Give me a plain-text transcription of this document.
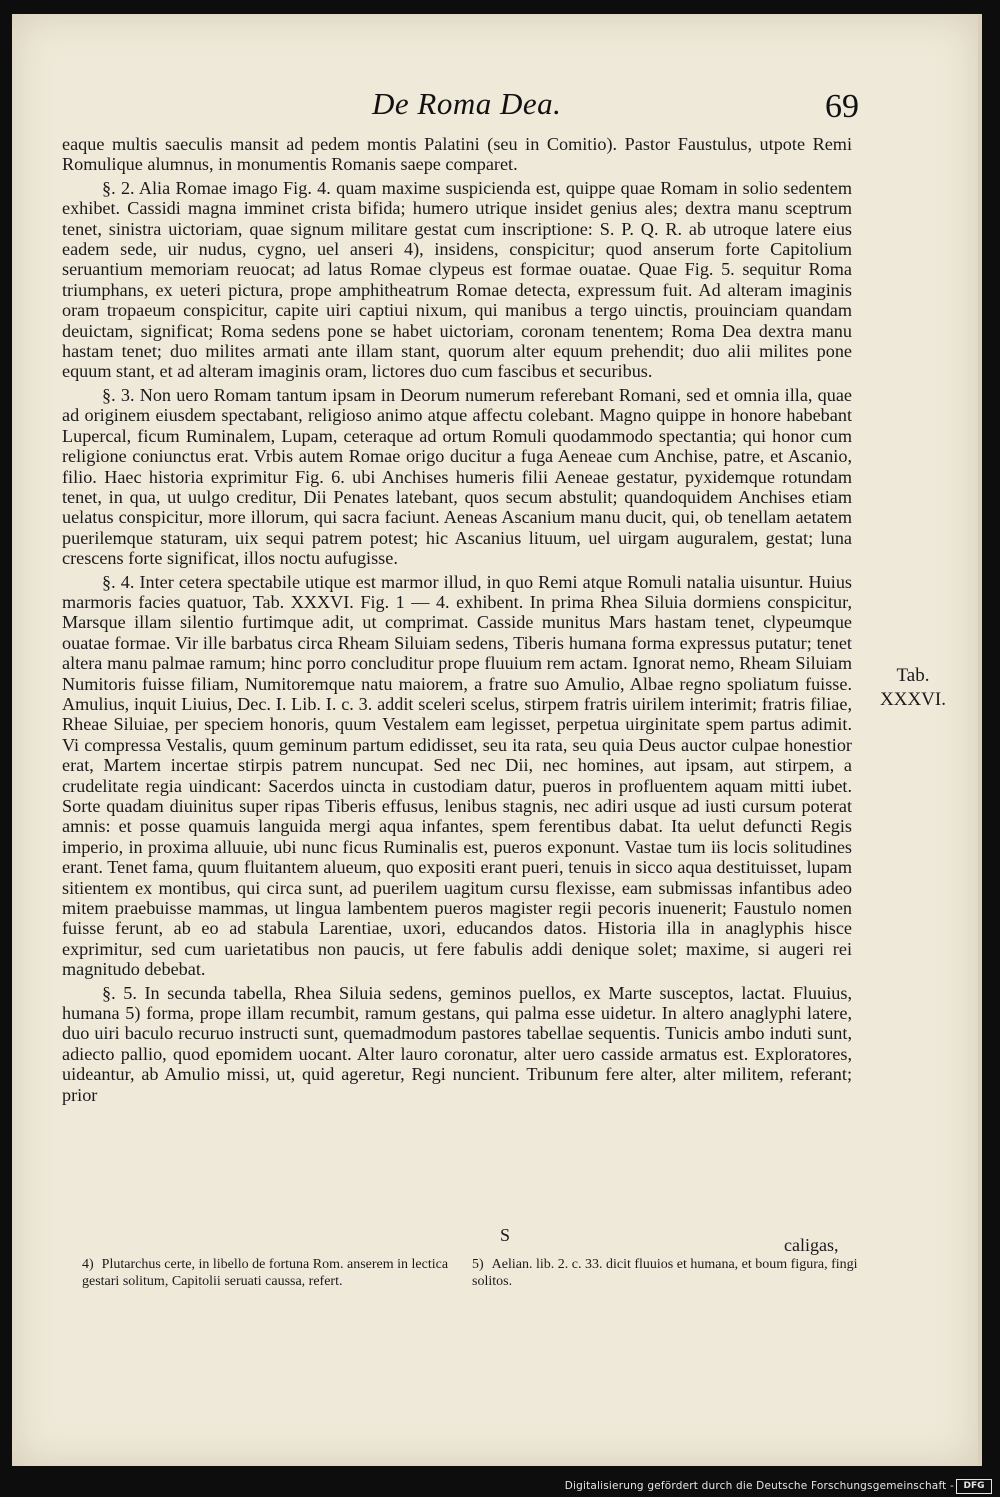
De Roma Dea.	69

eaque multis saeculis mansit ad pedem montis Palatini (seu in Comitio). Pastor Faustulus, utpote Remi Romulique alumnus, in monumentis Romanis saepe comparet.

§. 2. Alia Romae imago Fig. 4. quam maxime suspicienda est, quippe quae Romam in solio sedentem exhibet. Cassidi magna imminet crista bifida; humero utrique insidet genius ales; dextra manu sceptrum tenet, sinistra uictoriam, quae signum militare gestat cum inscriptione: S. P. Q. R. ab utroque latere eius eadem sede, uir nudus, cygno, uel anseri 4), insidens, conspicitur; quod anserum forte Capitolium seruantium memoriam reuocat; ad latus Romae clypeus est formae ouatae. Quae Fig. 5. sequitur Roma triumphans, ex ueteri pictura, prope amphitheatrum Romae detecta, expressum fuit. Ad alteram imaginis oram tropaeum conspicitur, capite uiri captiui nixum, qui manibus a tergo uinctis, prouinciam quandam deuictam, significat; Roma sedens pone se habet uictoriam, coronam tenentem; Roma Dea dextra manu hastam tenet; duo milites armati ante illam stant, quorum alter equum prehendit; duo alii milites pone equum stant, et ad alteram imaginis oram, lictores duo cum fascibus et securibus.

§. 3. Non uero Romam tantum ipsam in Deorum numerum referebant Romani, sed et omnia illa, quae ad originem eiusdem spectabant, religioso animo atque affectu colebant. Magno quippe in honore habebant Lupercal, ficum Ruminalem, Lupam, ceteraque ad ortum Romuli quodammodo spectantia; qui honor cum religione coniunctus erat. Vrbis autem Romae origo ducitur a fuga Aeneae cum Anchise, patre, et Ascanio, filio. Haec historia exprimitur Fig. 6. ubi Anchises humeris filii Aeneae gestatur, pyxidemque rotundam tenet, in qua, ut uulgo creditur, Dii Penates latebant, quos secum abstulit; quandoquidem Anchises etiam uelatus conspicitur, more illorum, qui sacra faciunt. Aeneas Ascanium manu ducit, qui, ob tenellam aetatem puerilemque staturam, uix sequi patrem potest; hic Ascanius lituum, uel uirgam auguralem, gestat; luna crescens forte significat, illos noctu aufugisse.

§. 4. Inter cetera spectabile utique est marmor illud, in quo Remi atque Romuli natalia uisuntur. Huius marmoris facies quatuor, Tab. XXXVI. Fig. 1 — 4. exhibent. In prima Rhea Siluia dormiens conspicitur, Marsque illam silentio furtimque adit, ut comprimat. Casside munitus Mars hastam tenet, clypeumque ouatae formae. Vir ille barbatus circa Rheam Siluiam sedens, Tiberis humana forma expressus putatur; tenet altera manu palmae ramum; hinc porro concluditur prope fluuium rem actam. Ignorat nemo, Rheam Siluiam Numitoris fuisse filiam, Numitoremque natu maiorem, a fratre suo Amulio, Albae regno spoliatum fuisse. Amulius, inquit Liuius, Dec. I. Lib. I. c. 3. addit sceleri scelus, stirpem fratris uirilem interimit; fratris filiae, Rheae Siluiae, per speciem honoris, quum Vestalem eam legisset, perpetua uirginitate spem partus adimit. Vi compressa Vestalis, quum geminum partum edidisset, seu ita rata, seu quia Deus auctor culpae honestior erat, Martem incertae stirpis patrem nuncupat. Sed nec Dii, nec homines, aut ipsam, aut stirpem, a crudelitate regia uindicant: Sacerdos uincta in custodiam datur, pueros in profluentem aquam mitti iubet. Sorte quadam diuinitus super ripas Tiberis effusus, lenibus stagnis, nec adiri usque ad iusti cursum poterat amnis: et posse quamuis languida mergi aqua infantes, spem ferentibus dabat. Ita uelut defuncti Regis imperio, in proxima alluuie, ubi nunc ficus Ruminalis est, pueros exponunt. Vastae tum iis locis solitudines erant. Tenet fama, quum fluitantem alueum, quo expositi erant pueri, tenuis in sicco aqua destituisset, lupam sitientem ex montibus, qui circa sunt, ad puerilem uagitum cursu flexisse, eam submissas infantibus adeo mitem praebuisse mammas, ut lingua lambentem pueros magister regii pecoris inuenerit; Faustulo nomen fuisse ferunt, ab eo ad stabula Larentiae, uxori, educandos datos. Historia illa in anaglyphis hisce exprimitur, sed cum uarietatibus non paucis, ut fere fabulis addi denique solet; maxime, si augeri rei magnitudo debebat.

§. 5. In secunda tabella, Rhea Siluia sedens, geminos puellos, ex Marte susceptos, lactat. Fluuius, humana 5) forma, prope illam recumbit, ramum gestans, qui palma esse uidetur. In altero anaglyphi latere, duo uiri baculo recuruo instructi sunt, quemadmodum pastores tabellae sequentis. Tunicis ambo induti sunt, adiecto pallio, quod epomidem uocant. Alter lauro coronatur, alter uero casside armatus est. Exploratores, uideantur, ab Amulio missi, ut, quid ageretur, Regi nuncient. Tribunum fere alter, alter militem, referant; prior

Tab.
XXXVI.
S	caligas,
4) Plutarchus certe, in libello de fortuna Rom. anserem in lectica gestari solitum, Capitolii seruati caussa, refert.
5) Aelian. lib. 2. c. 33. dicit fluuios et humana, et boum figura, fingi solitos.
Digitalisierung gefördert durch die Deutsche Forschungsgemeinschaft -	DFG
